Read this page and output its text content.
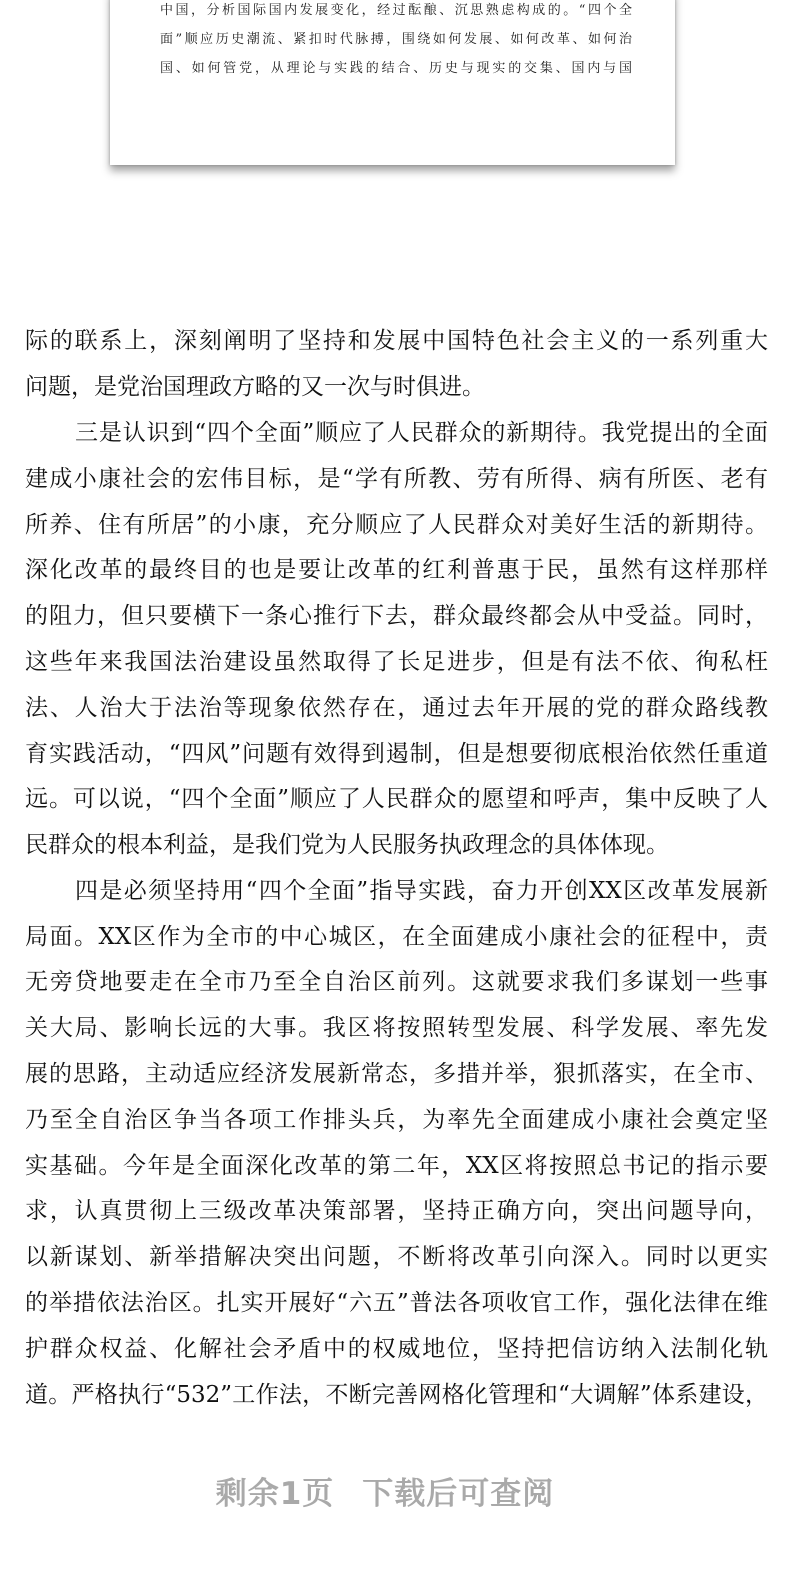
中国，分析国际国内发展变化，经过酝酿、沉思熟虑构成的。“四个全
面”顺应历史潮流、紧扣时代脉搏，围绕如何发展、如何改革、如何治
国、如何管党，从理论与实践的结合、历史与现实的交集、国内与国
际的联系上，深刻阐明了坚持和发展中国特色社会主义的一系列重大
问题，是党治国理政方略的又一次与时俱进。
三是认识到“四个全面”顺应了人民群众的新期待。我党提出的全面
建成小康社会的宏伟目标，是“学有所教、劳有所得、病有所医、老有
所养、住有所居”的小康，充分顺应了人民群众对美好生活的新期待。
深化改革的最终目的也是要让改革的红利普惠于民，虽然有这样那样
的阻力，但只要横下一条心推行下去，群众最终都会从中受益。同时，
这些年来我国法治建设虽然取得了长足进步，但是有法不依、徇私枉
法、人治大于法治等现象依然存在，通过去年开展的党的群众路线教
育实践活动，“四风”问题有效得到遏制，但是想要彻底根治依然任重道
远。可以说，“四个全面”顺应了人民群众的愿望和呼声，集中反映了人
民群众的根本利益，是我们党为人民服务执政理念的具体体现。
四是必须坚持用“四个全面”指导实践，奋力开创XX区改革发展新
局面。XX区作为全市的中心城区，在全面建成小康社会的征程中，责
无旁贷地要走在全市乃至全自治区前列。这就要求我们多谋划一些事
关大局、影响长远的大事。我区将按照转型发展、科学发展、率先发
展的思路，主动适应经济发展新常态，多措并举，狠抓落实，在全市、
乃至全自治区争当各项工作排头兵，为率先全面建成小康社会奠定坚
实基础。今年是全面深化改革的第二年，XX区将按照总书记的指示要
求，认真贯彻上三级改革决策部署，坚持正确方向，突出问题导向，
以新谋划、新举措解决突出问题，不断将改革引向深入。同时以更实
的举措依法治区。扎实开展好“六五”普法各项收官工作，强化法律在维
护群众权益、化解社会矛盾中的权威地位，坚持把信访纳入法制化轨
道。严格执行“532”工作法，不断完善网格化管理和“大调解”体系建设，
剩余1页 下载后可查阅
